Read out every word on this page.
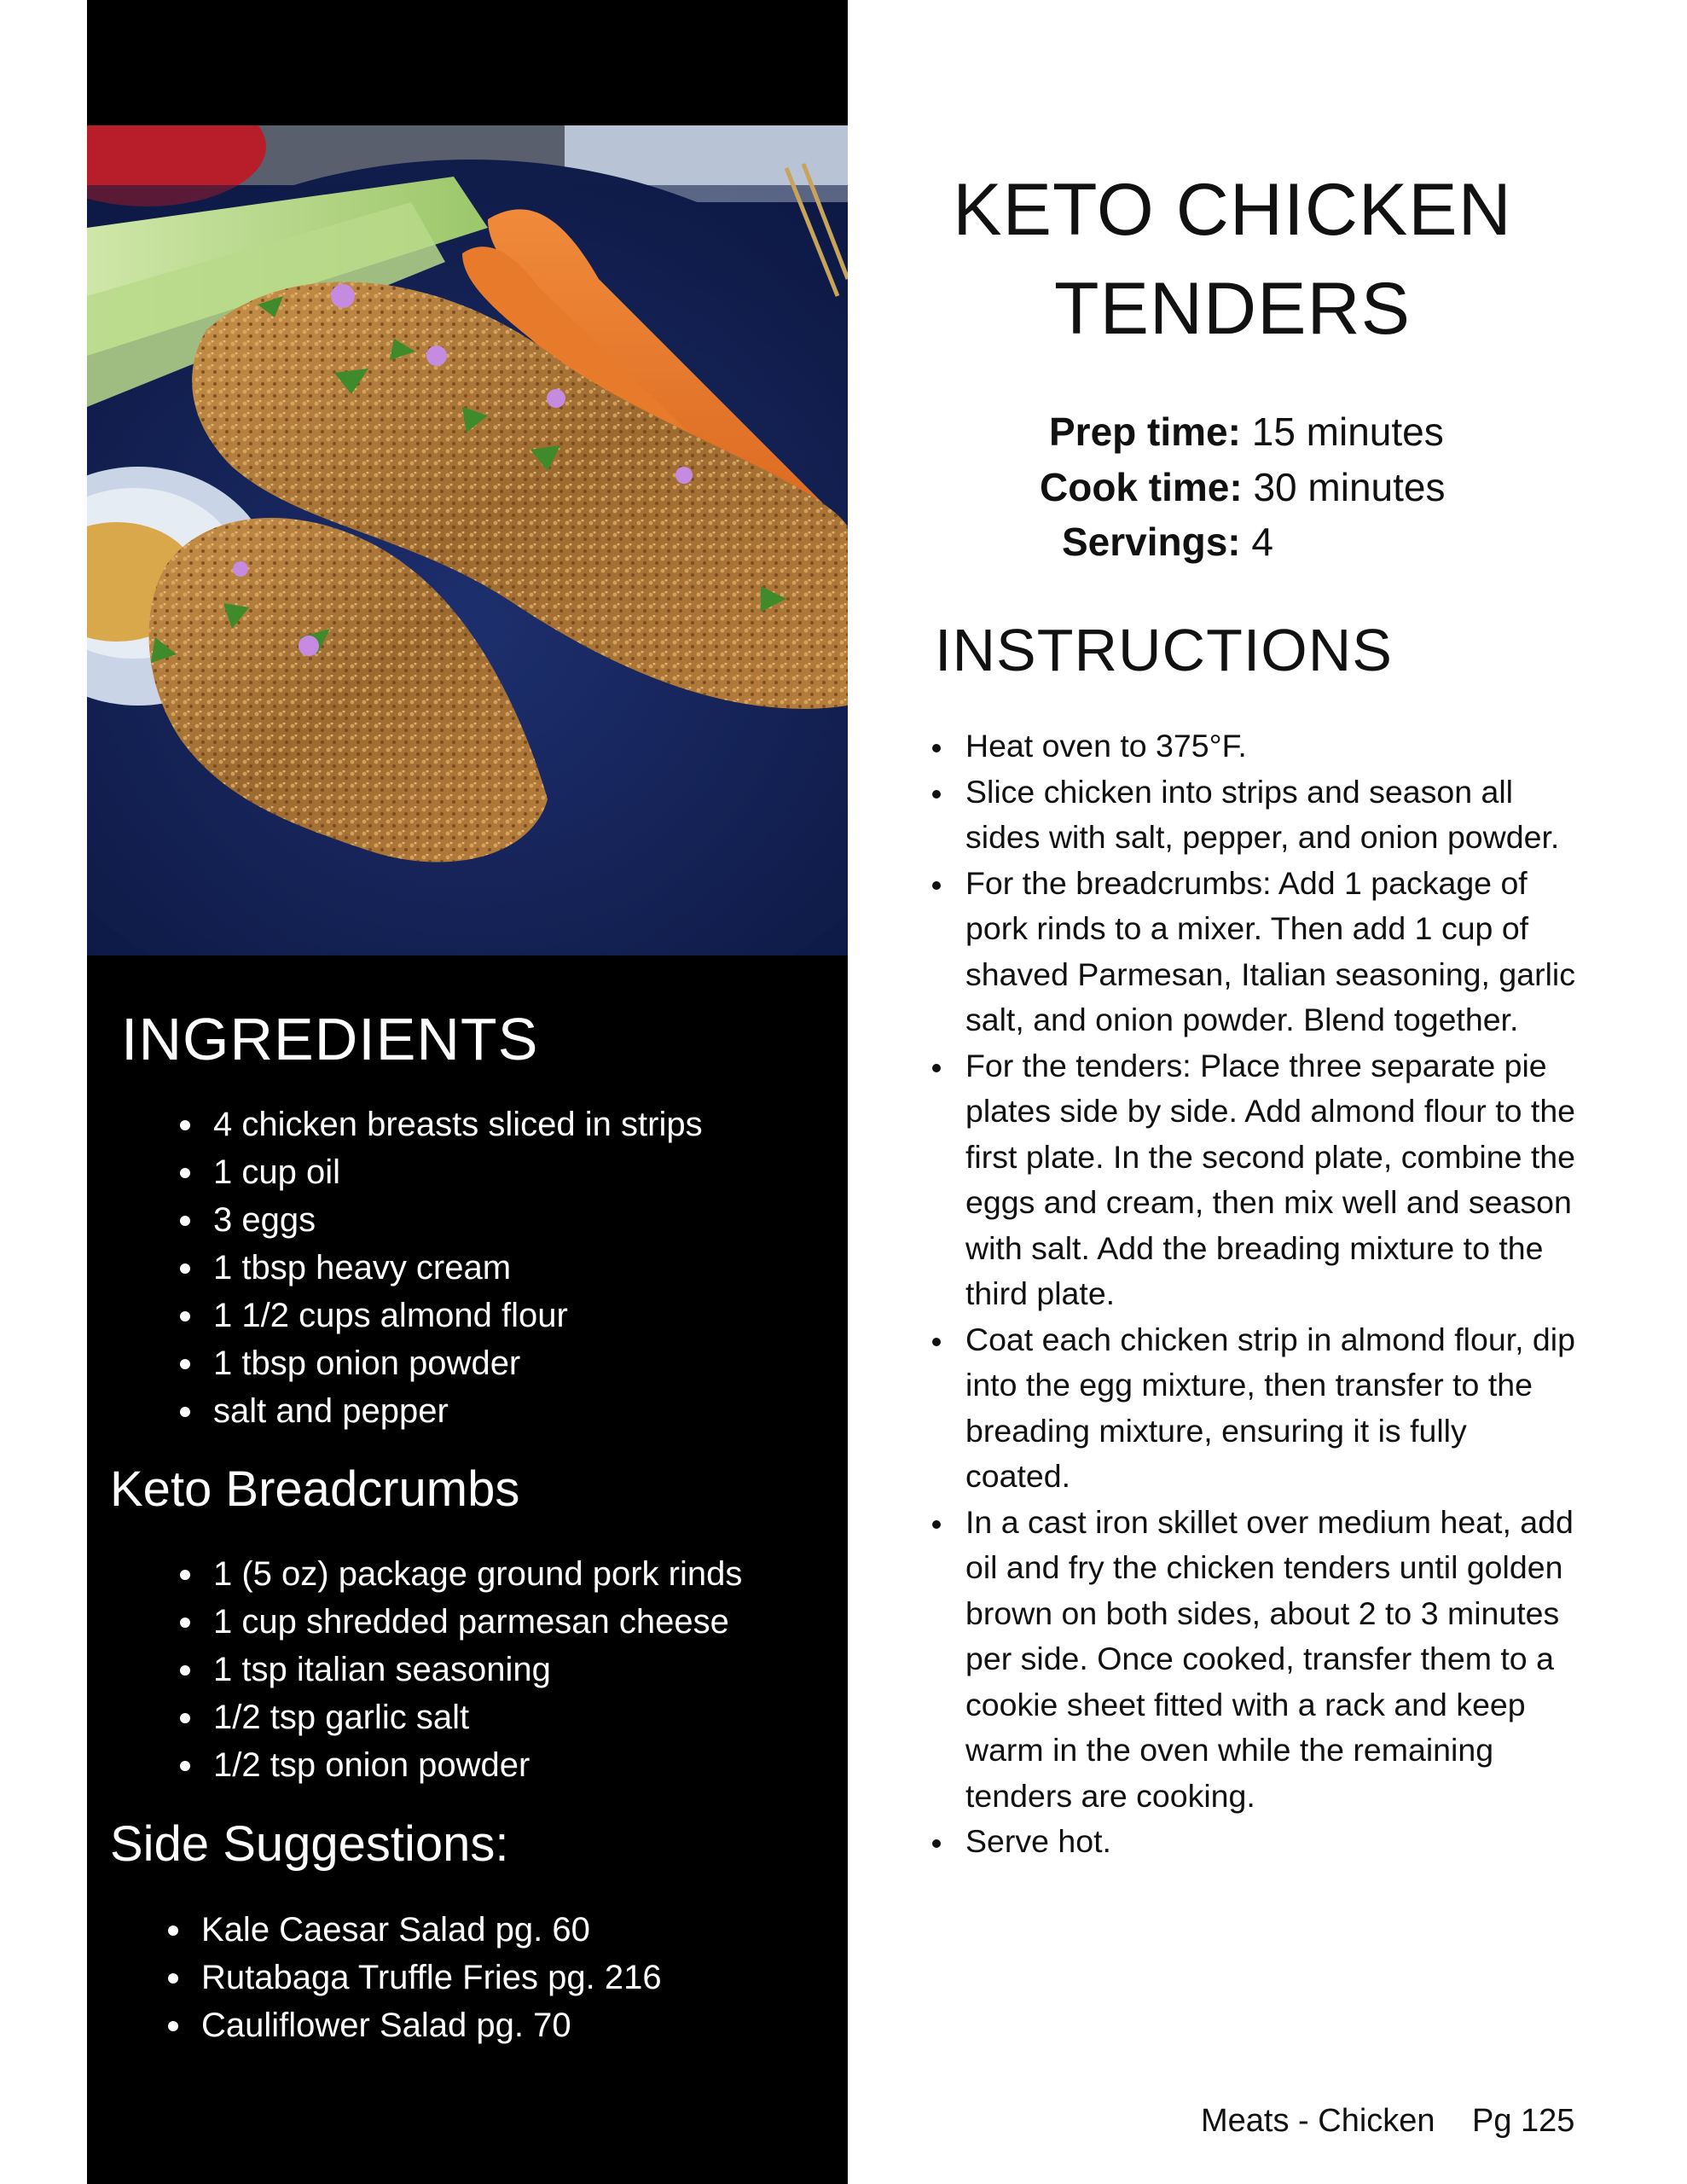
INGREDIENTS
4 chicken breasts sliced in strips
1 cup oil
3 eggs
1 tbsp heavy cream
1 1/2 cups almond flour
1 tbsp onion powder
salt and pepper
Keto Breadcrumbs
1 (5 oz) package ground pork rinds
1 cup shredded parmesan cheese
1 tsp italian seasoning
1/2 tsp garlic salt
1/2 tsp onion powder
Side Suggestions:
Kale Caesar Salad pg. 60
Rutabaga Truffle Fries pg. 216
Cauliflower Salad pg. 70
KETO CHICKEN
TENDERS
Prep time: 15 minutes
Cook time: 30 minutes
Servings: 4
INSTRUCTIONS
Heat oven to 375°F.
Slice chicken into strips and season all sides with salt, pepper, and onion powder.
For the breadcrumbs: Add 1 package of pork rinds to a mixer. Then add 1 cup of shaved Parmesan, Italian seasoning, garlic salt, and onion powder. Blend together.
For the tenders: Place three separate pie plates side by side. Add almond flour to the first plate. In the second plate, combine the eggs and cream, then mix well and season with salt. Add the breading mixture to the third plate.
Coat each chicken strip in almond flour, dip into the egg mixture, then transfer to the breading mixture, ensuring it is fully coated.
In a cast iron skillet over medium heat, add oil and fry the chicken tenders until golden brown on both sides, about 2 to 3 minutes per side. Once cooked, transfer them to a cookie sheet fitted with a rack and keep warm in the oven while the remaining tenders are cooking.
Serve hot.
Meats - Chicken Pg 125
